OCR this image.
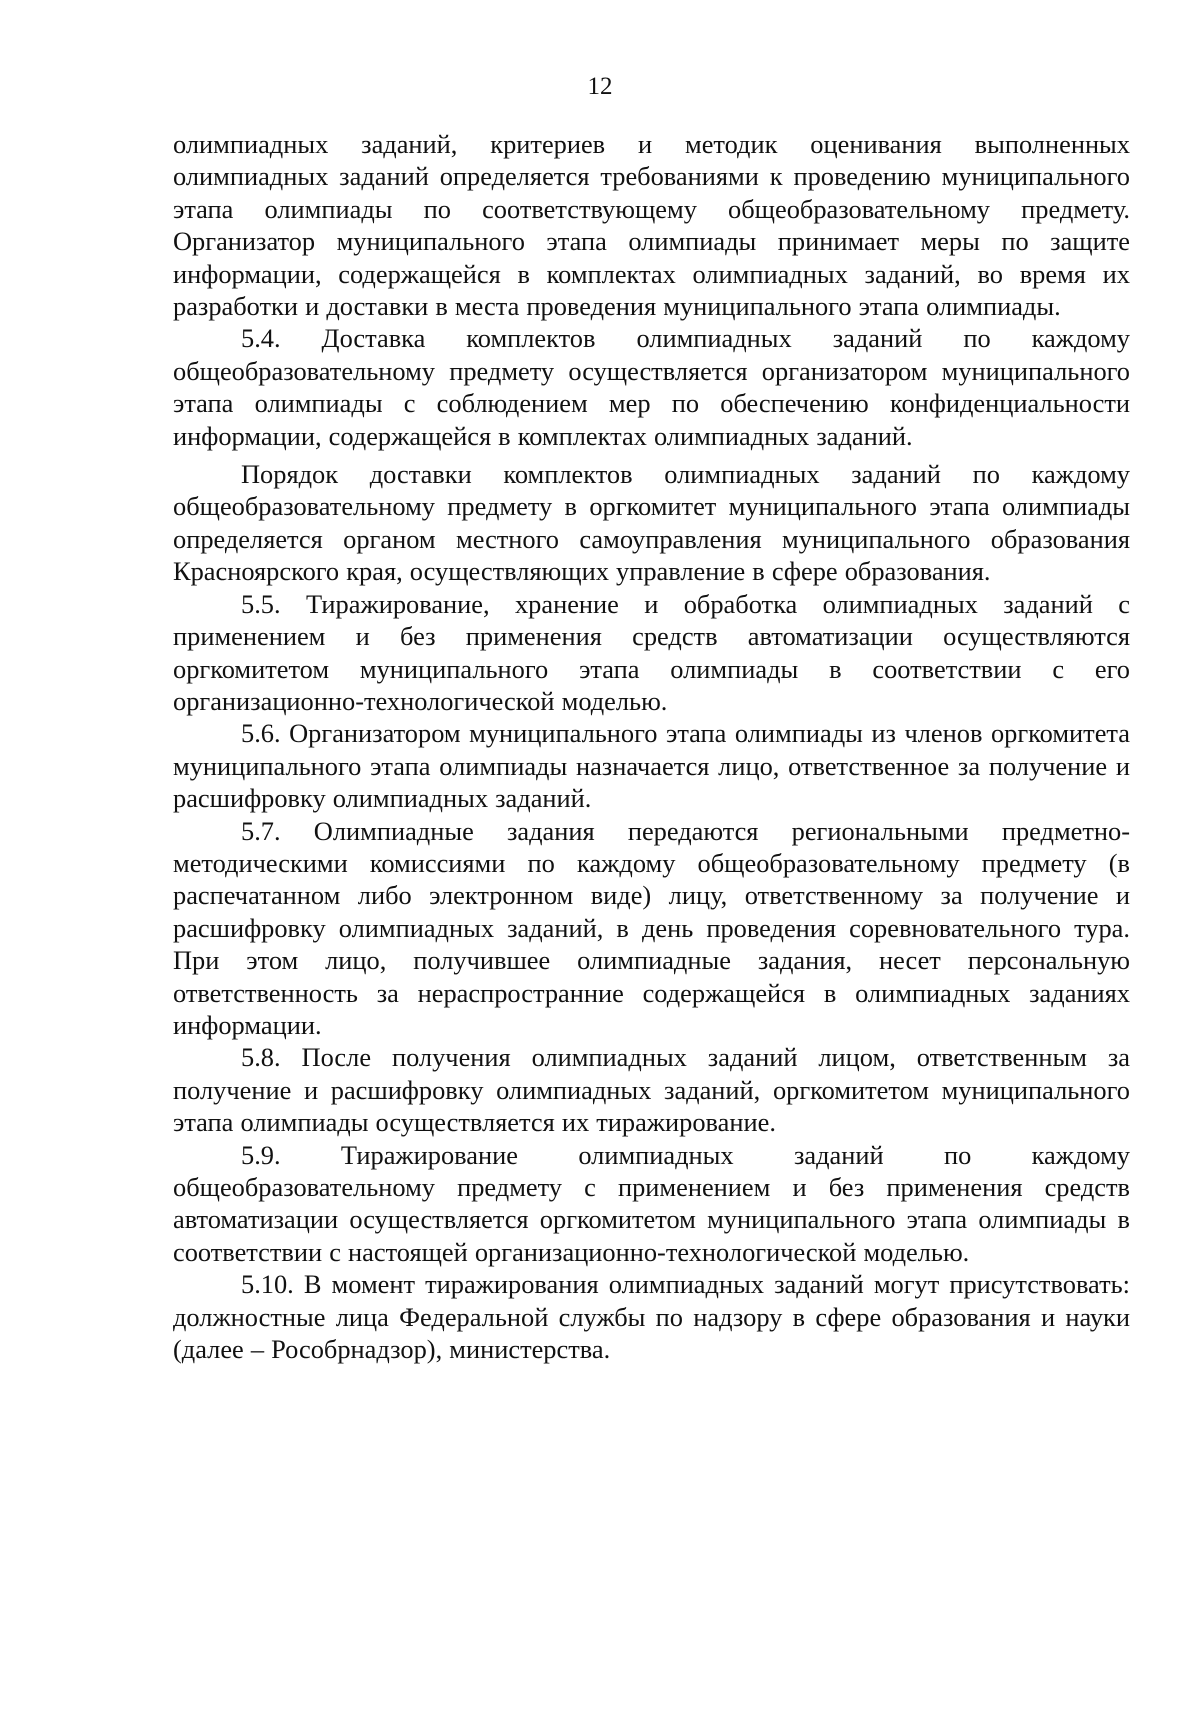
12

олимпиадных заданий, критериев и методик оценивания выполненных олимпиадных заданий определяется требованиями к проведению муниципального этапа олимпиады по соответствующему общеобразовательному предмету. Организатор муниципального этапа олимпиады принимает меры по защите информации, содержащейся в комплектах олимпиадных заданий, во время их разработки и доставки в места проведения муниципального этапа олимпиады.

5.4. Доставка комплектов олимпиадных заданий по каждому общеобразовательному предмету осуществляется организатором муниципального этапа олимпиады с соблюдением мер по обеспечению конфиденциальности информации, содержащейся в комплектах олимпиадных заданий.

Порядок доставки комплектов олимпиадных заданий по каждому общеобразовательному предмету в оргкомитет муниципального этапа олимпиады определяется органом местного самоуправления муниципального образования Красноярского края, осуществляющих управление в сфере образования.

5.5. Тиражирование, хранение и обработка олимпиадных заданий с применением и без применения средств автоматизации осуществляются оргкомитетом муниципального этапа олимпиады в соответствии с его организационно-технологической моделью.

5.6. Организатором муниципального этапа олимпиады из членов оргкомитета муниципального этапа олимпиады назначается лицо, ответственное за получение и расшифровку олимпиадных заданий.

5.7. Олимпиадные задания передаются региональными предметно-методическими комиссиями по каждому общеобразовательному предмету (в распечатанном либо электронном виде) лицу, ответственному за получение и расшифровку олимпиадных заданий, в день проведения соревновательного тура. При этом лицо, получившее олимпиадные задания, несет персональную ответственность за нераспространние содержащейся в олимпиадных заданиях информации.

5.8. После получения олимпиадных заданий лицом, ответственным за получение и расшифровку олимпиадных заданий, оргкомитетом муниципального этапа олимпиады осуществляется их тиражирование.

5.9. Тиражирование олимпиадных заданий по каждому общеобразовательному предмету с применением и без применения средств автоматизации осуществляется оргкомитетом муниципального этапа олимпиады в соответствии с настоящей организационно-технологической моделью.

5.10. В момент тиражирования олимпиадных заданий могут присутствовать: должностные лица Федеральной службы по надзору в сфере образования и науки (далее – Рособрнадзор), министерства.
